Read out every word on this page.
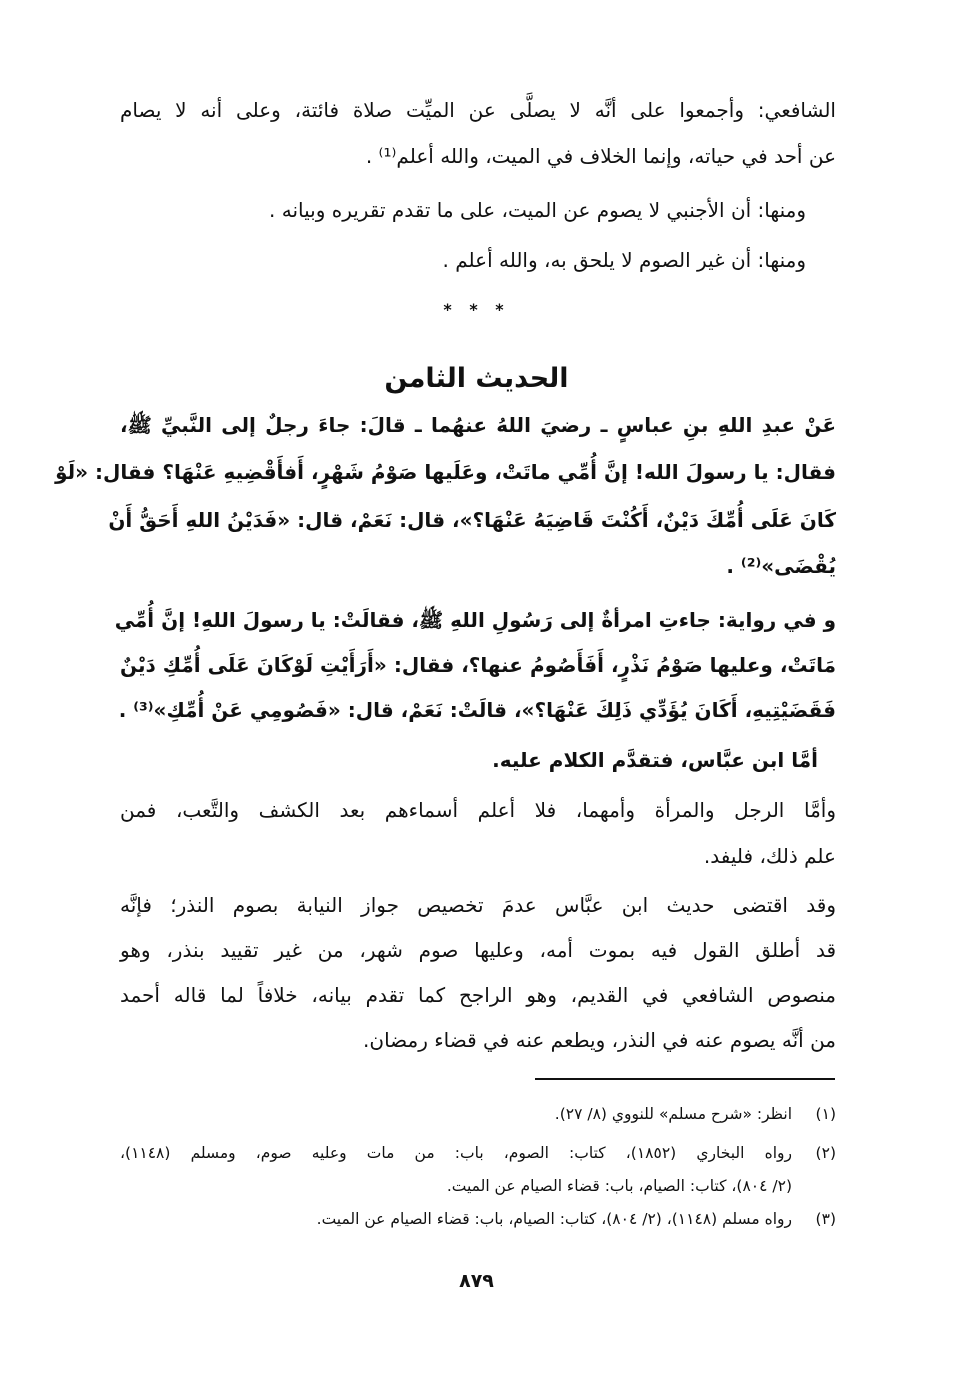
الشافعي: وأجمعوا على أنَّه لا يصلَّى عن الميِّت صلاة فائتة، وعلى أنه لا يصام
عن أحد في حياته، وإنما الخلاف في الميت، والله أعلم⁽¹⁾ .
ومنها: أن الأجنبي لا يصوم عن الميت، على ما تقدم تقريره وبيانه .
ومنها: أن غير الصوم لا يلحق به، والله أعلم .
عَنْ عبدِ اللهِ بنِ عباسٍ ـ رضيَ اللهُ عنهُما ـ قالَ: جاءَ رجلٌ إلى النَّبيِّ ﷺ،
فقال: يا رسولَ الله! إنَّ أُمِّي ماتَتْ، وعَلَيها صَوْمُ شَهْرٍ، أَفأَقْضِيهِ عَنْهَا؟ فقال: «لَوْ
كَانَ عَلَى أُمِّكَ دَيْنٌ، أَكُنْتَ قَاضِيَهُ عَنْهَا؟»، قال: نَعَمْ، قال: «فَدَيْنُ اللهِ أَحَقُّ أَنْ
يُقْضَى»⁽²⁾ .
و في رواية: جاءتِ امرأةٌ إلى رَسُولِ اللهِ ﷺ، فقالَتْ: يا رسولَ اللهِ! إنَّ أُمِّي
مَاتَتْ، وعليها صَوْمُ نَذْرٍ، أَفَأَصُومُ عنها؟، فقال: «أَرَأَيْتِ لَوْكَانَ عَلَى أُمِّكِ دَيْنٌ
فَقَضَيْتِيهِ، أَكَانَ يُؤَدِّي ذَلِكَ عَنْهَا؟»، قالَتْ: نَعَمْ، قال: «فَصُومِي عَنْ أُمِّكِ»⁽³⁾ .
أمَّا ابن عبَّاس، فتقدَّم الكلام عليه.
وأمَّا الرجل والمرأة وأمهما، فلا أعلم أسماءهم بعد الكشف والتَّعب، فمن
علم ذلك، فليفد.
وقد اقتضى حديث ابن عبَّاس عدمَ تخصيص جواز النيابة بصوم النذر؛ فإنَّه
قد أطلق القول فيه بموت أمه، وعليها صوم شهر، من غير تقييد بنذر، وهو
منصوص الشافعي في القديم، وهو الراجح كما تقدم بيانه، خلافاً لما قاله أحمد
من أنَّه يصوم عنه في النذر، ويطعم عنه في قضاء رمضان.
* * *
الحديث الثامن
(١)
انظر: «شرح مسلم» للنووي (٨/ ٢٧).
(٢)
رواه البخاري (١٨٥٢)، كتاب: الصوم، باب: من مات وعليه صوم، ومسلم (١١٤٨)،
(٢/ ٨٠٤)، كتاب: الصيام، باب: قضاء الصيام عن الميت.
(٣)
رواه مسلم (١١٤٨)، (٢/ ٨٠٤)، كتاب: الصيام، باب: قضاء الصيام عن الميت.
٨٧٩
